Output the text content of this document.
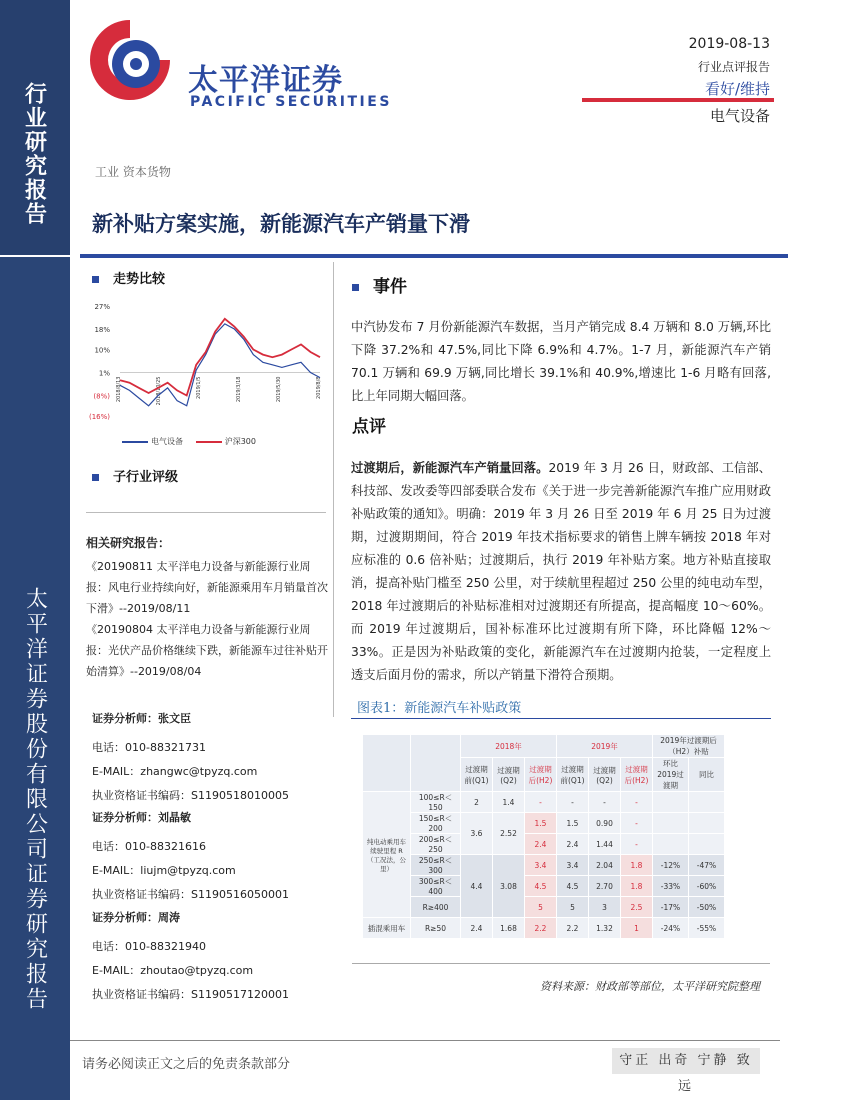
行业研究报告
太平洋证券股份有限公司证券研究报告
太平洋证券
PACIFIC SECURITIES
2019-08-13
行业点评报告
看好/维持
电气设备
工业 资本货物
新补贴方案实施，新能源汽车产销量下滑
走势比较
27%
18%
10%
1%
(8%)
(16%)
2018/8/13	2018/10/25	2019/1/5	2019/3/18	2019/5/30	2019/8/8
电气设备	沪深300
子行业评级
相关研究报告：
《20190811 太平洋电力设备与新能源行业周报：风电行业持续向好，新能源乘用车月销量首次下滑》--2019/08/11
《20190804 太平洋电力设备与新能源行业周报：光伏产品价格继续下跌，新能源车过往补贴开始清算》--2019/08/04
证券分析师：张文臣
电话：010-88321731
E-MAIL：zhangwc@tpyzq.com
执业资格证书编码：S1190518010005
证券分析师：刘晶敏
电话：010-88321616
E-MAIL：liujm@tpyzq.com
执业资格证书编码：S1190516050001
证券分析师：周涛
电话：010-88321940
E-MAIL：zhoutao@tpyzq.com
执业资格证书编码：S1190517120001
事件
中汽协发布 7 月份新能源汽车数据，当月产销完成 8.4 万辆和 8.0 万辆,环比下降 37.2%和 47.5%,同比下降 6.9%和 4.7%。1-7 月，新能源汽车产销 70.1 万辆和 69.9 万辆,同比增长 39.1%和 40.9%,增速比 1-6 月略有回落,比上年同期大幅回落。
点评
过渡期后，新能源汽车产销量回落。2019 年 3 月 26 日，财政部、工信部、科技部、发改委等四部委联合发布《关于进一步完善新能源汽车推广应用财政补贴政策的通知》。明确：2019 年 3 月 26 日至 2019 年 6 月 25 日为过渡期，过渡期期间，符合 2019 年技术指标要求的销售上牌车辆按 2018 年对应标准的 0.6 倍补贴；过渡期后，执行 2019 年补贴方案。地方补贴直接取消，提高补贴门槛至 250 公里，对于续航里程超过 250 公里的纯电动车型，2018 年过渡期后的补贴标准相对过渡期还有所提高，提高幅度 10～60%。而 2019 年过渡期后，国补标准环比过渡期有所下降，环比降幅 12%～33%。正是因为补贴政策的变化，新能源汽车在过渡期内抢装，一定程度上透支后面月份的需求，所以产销量下滑符合预期。
图表1：新能源汽车补贴政策
		2018年			2019年			2019年过渡期后（H2）补贴	
		过渡期前(Q1)	过渡期(Q2)	过渡期后(H2)	过渡期前(Q1)	过渡期(Q2)	过渡期后(H2)	环比2019过渡期	同比
纯电动乘用车续驶里程 R（工况法，公里）	100≤R＜150	2	1.4	-	-	-	-		
	150≤R＜200	3.6	2.52	1.5	1.5	0.90	-		
	200≤R＜250			2.4	2.4	1.44	-		
	250≤R＜300	4.4	3.08	3.4	3.4	2.04	1.8	-12%	-47%
	300≤R＜400			4.5	4.5	2.70	1.8	-33%	-60%
	R≥400			5	5	3	2.5	-17%	-50%
插混乘用车	R≥50	2.4	1.68	2.2	2.2	1.32	1	-24%	-55%
资料来源：财政部等部位，太平洋研究院整理
请务必阅读正文之后的免责条款部分	守正 出奇 宁静 致远
